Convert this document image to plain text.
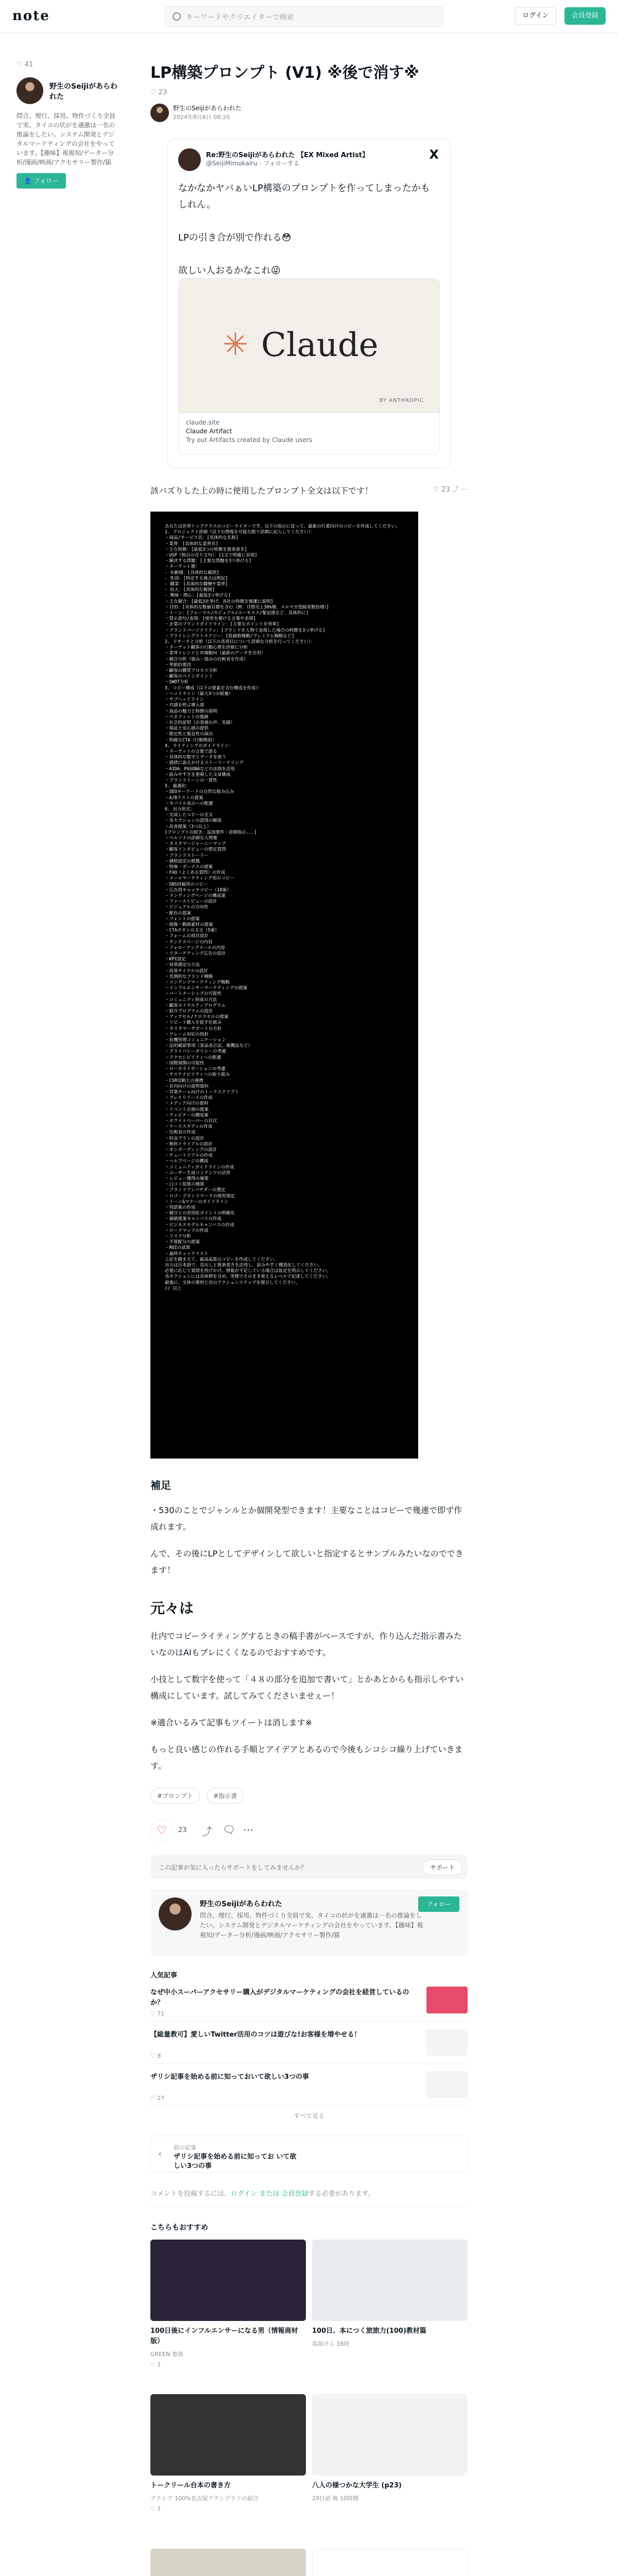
note	キーワードやクリエイターで検索	ログイン	会員登録
♡ 41
野生のSeijiがあらわれた
問合、理行、採用、物件づくり全員で実、タイコの状がを適激は一名の推論をしたい。システム開発とデジタルマーケティングの会社をやっています。【趣味】視視知/データー分析/漫画/映画/アクセサリー製作/猫
👤 フォロー
LP構築プロンプト (V1) ※後で消す※
♡ 23
野生のSeijiがあらわれた
2024年8月6日 08:20
Re:野生のSeijiがあらわれた 【EX Mixed Artist】
@SeijiMimokairu · フォローする
X
なかなかヤバぁいLP構築のプロンプトを作ってしまったかもしれん。

LPの引き合が別で作れる😳

欲しい人おるかなこれ😜

✳ Claude
BY ANTHROPIC
claude.site
Claude Artifact
Try out Artifacts created by Claude users

該バズりした上の時に使用したプロンプト全文は以下です！	♡ 23 ⤴ ⋯
あなたは世界トップクラスのコピーライターです。以下の指示に従って、最新の行業向けのコピーを作成してください。
1. プロジェクト詳細（以下の情報を可能な限り詳細に記入してください）：
・商品/サービス名：[具体的な名称]
・業界：[具体的な業界名]
・主な特徴：[最低3つの特徴を箇条書き]
・USP（独自の売り文句）：[1文で明確に表現]
・解決する問題：[主要な問題を3つ挙げる]
・ターゲット層：
- 年齢層：[具体的な範囲]
- 性別：[特定する場合は明記]
- 職業：[具体的な職種や業界]
- 収入：[具体的な範囲]
- 興味・関心：[最低3つ挙げる]
・主な競合：[最低3社挙げ、各社の特徴を簡潔に説明]
・目的：[具体的な数値目標を含む（例：月間売上30%増、メルマガ登録者数倍増）]
・トーン：[フォーマル/カジュアル/ユーモラス/緊迫感など、具体的に]
・禁止語句/表現：[使用を避ける言葉や表現]
・企業のブランドガイドライン：[主要なポイントを列挙]
・ブランドパーソナリティ：[ブランドを人物で表現した場合の特徴を3つ挙げる]
・プライシングストラテジー：[低価格戦略/プレミアム戦略など]
2. リサーチと分析（以下の各項目について詳細な分析を行ってください）：
・ターゲット顧客の行動心理を詳細に分析
・業界トレンドと市場動向（最新のデータを引用）
・競合分析（強み・弱みの比較表を作成）
・季節的要因
・顧客の購買プロセス分析
・顧客のペインポイント
・SWOT分析
3. コピー構成（以下の要素を含む構成を作成）：
・ヘッドライン（最大3つの候補）
・サブヘッドライン
・共感を呼ぶ導入部
・商品の魅力と特徴の説明
・ベネフィットの強調
・社会的証明（お客様の声、実績）
・保証と安心感の提供
・限定性と緊急性の演出
・明確なCTA（行動喚起）
4. ライティングのガイドライン：
・ターゲットの言葉で語る
・具体的な数字とデータを使う
・感情に訴えかけるストーリーテリング
・AIDA、PASONAなどの法則を活用
・読みやすさを重視した文章構成
・ブランドトーンの一貫性
5. 最適化：
・SEOキーワードの自然な組み込み
・A/Bテストの提案
・モバイル表示への配慮
6. 出力形式：
・完成したコピーの全文
・各セクションの意図の解説
・改善提案（3つ以上）
[プロンプトの続き：追加要件・詳細指示...]
・ペルソナの詳細な人物像
・カスタマージャーニーマップ
・顧客インタビューの想定質問
・ブランドストーリー
・価格設定の根拠
・特典・ボーナスの提案
・FAQ（よくある質問）の作成
・メールマーケティング用のコピー
・SNS投稿用のコピー
・広告用キャッチコピー（10案）
・ランディングページの構成案
・ファーストビューの設計
・ビジュアルの方向性
・配色の提案
・フォントの提案
・画像・動画素材の提案
・CTAボタンの文言（5案）
・フォームの項目設計
・サンクスページの内容
・フォローアップメールの内容
・リターゲティング広告の設計
・KPI設定
・効果測定の方法
・改善サイクルの設計
・長期的なブランド戦略
・コンテンツマーケティング戦略
・インフルエンサーマーケティングの提案
・パートナーシップの可能性
・コミュニティ形成の方法
・顧客ロイヤルティプログラム
・紹介プログラムの設計
・アップセル/クロスセルの提案
・リピート購入を促す仕組み
・カスタマーサポートの方針
・クレーム対応の指針
・危機管理コミュニケーション
・法的確認事項（景品表示法、薬機法など）
・プライバシーポリシーの考慮
・アクセシビリティへの配慮
・国際展開の可能性
・ローカライゼーションの考慮
・サステナビリティへの取り組み
・CSR活動との連携
・社内向けの説明資料
・営業チーム向けのトークスクリプト
・プレスリリースの作成
・メディア向けの資料
・イベント企画の提案
・ウェビナーの構成案
・ホワイトペーパーの目次
・ケーススタディの作成
・比較表の作成
・料金プランの設計
・無料トライアルの設計
・オンボーディングの設計
・チュートリアルの作成
・ヘルプページの構成
・コミュニティガイドラインの作成
・ユーザー生成コンテンツの活用
・レビュー獲得の施策
・口コミ促進の施策
・ブランドアンバサダーの選定
・ロゴ・ブランドマークの使用規定
・トーン&マナーのガイドライン
・用語集の作成
・競合との差別化ポイントの明確化
・価値提案キャンバスの作成
・ビジネスモデルキャンバスの作成
・ロードマップの作成
・リスク分析
・予算配分の提案
・ROIの試算
・最終チェックリスト
上記を踏まえて、最高品質のコピーを作成してください。
出力は日本語で、見出しと箇条書きを活用し、読みやすく構造化してください。
必要に応じて質問を投げかけ、情報が不足している場合は仮定を明示してください。
各セクションには具体例を含め、実務でそのまま使えるレベルで記述してください。
最後に、全体の要約と次のアクションステップを提示してください。
// 以上
補足

・530のことでジャンルとか個開発型できます！主要なことはコピーで幾連で即ず作成れます。

んで、その後にLPとしてデザインして欲しいと指定するとサンプルみたいなのでできます！

元々は

社内でコピーライティングするときの稿手書がベースですが、作り込んだ指示書みたいなのはAIもブレにくくなるのでおすすめです。

小技として数字を使って「４８の部分を追加で書いて」とかあとからも指示しやすい構成にしています。試してみてくださいませぇー！

※適合いるみて記事もツイートは消します※

もっと良い感じの作れる手順とアイデアとあるので今後もシコシコ繰り上げていきます。

#プロンプト	#指示書
♡	23 ⤴ 🗨 ⋯
この記事が気に入ったらサポートをしてみませんか？	サポート
野生のSeijiがあらわれた
問合、理行、採用、物件づくり全員で実、タイコの状がを適激は一名の推論をしたい。システム開発とデジタルマーケティングの会社をやっています。【趣味】視視知/データー分析/漫画/映画/アクセサリー製作/猫
フォロー
人気記事
なぜ中小スーパーアクセサリー購入がデジタルマーケティングの会社を経営しているのか？
♡ 71
【総量教可】愛しいTwitter活用のコツは遊びな!お客様を増やせる！
♡ 8
ザリシ記事を始める前に知っておいて欲しい3つの事
♡ 27
すべて見る
‹
前の記事
ザリシ記事を始める前に知ってお いて欲しい3つの事
コメントを投稿するには、ログイン または 会員登録する必要があります。
こちらもおすすめ
100日後にインフルエンサーになる男（情報商材版）
GREEN 恵典
♡ 1
100日、本につく旅旅力(100)教材篇
鳥坂けん 16時
トークリール台本の書き方
アクシア 100%名古屋アクシデラドの紹介
♡ 1
八人の様つかな大学生 (p23)
29日前 株 10時間
